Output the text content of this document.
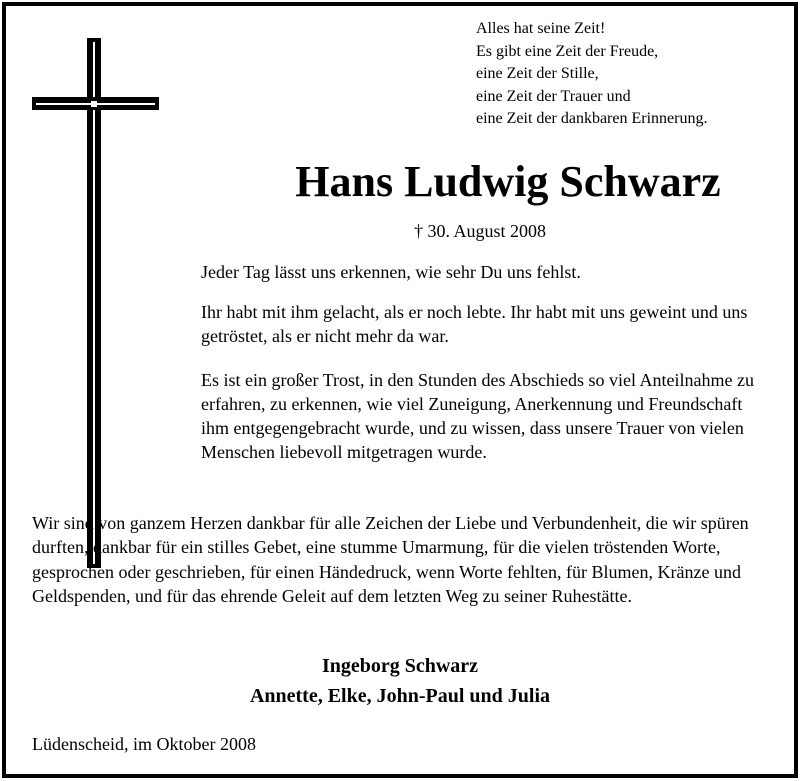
Alles hat seine Zeit!
Es gibt eine Zeit der Freude,
eine Zeit der Stille,
eine Zeit der Trauer und
eine Zeit der dankbaren Erinnerung.
Hans Ludwig Schwarz
† 30. August 2008
Jeder Tag lässt uns erkennen, wie sehr Du uns fehlst.
Ihr habt mit ihm gelacht, als er noch lebte. Ihr habt mit uns geweint und uns getröstet, als er nicht mehr da war.
Es ist ein großer Trost, in den Stunden des Abschieds so viel Anteilnahme zu erfahren, zu erkennen, wie viel Zuneigung, Anerkennung und Freundschaft ihm entgegengebracht wurde, und zu wissen, dass unsere Trauer von vielen Menschen liebevoll mitgetragen wurde.
Wir sind von ganzem Herzen dankbar für alle Zeichen der Liebe und Verbundenheit, die wir spüren durften, dankbar für ein stilles Gebet, eine stumme Umarmung, für die vielen tröstenden Worte, gesprochen oder geschrieben, für einen Händedruck, wenn Worte fehlten, für Blumen, Kränze und Geldspenden, und für das ehrende Geleit auf dem letzten Weg zu seiner Ruhestätte.
Ingeborg Schwarz
Annette, Elke, John-Paul und Julia
Lüdenscheid, im Oktober 2008
